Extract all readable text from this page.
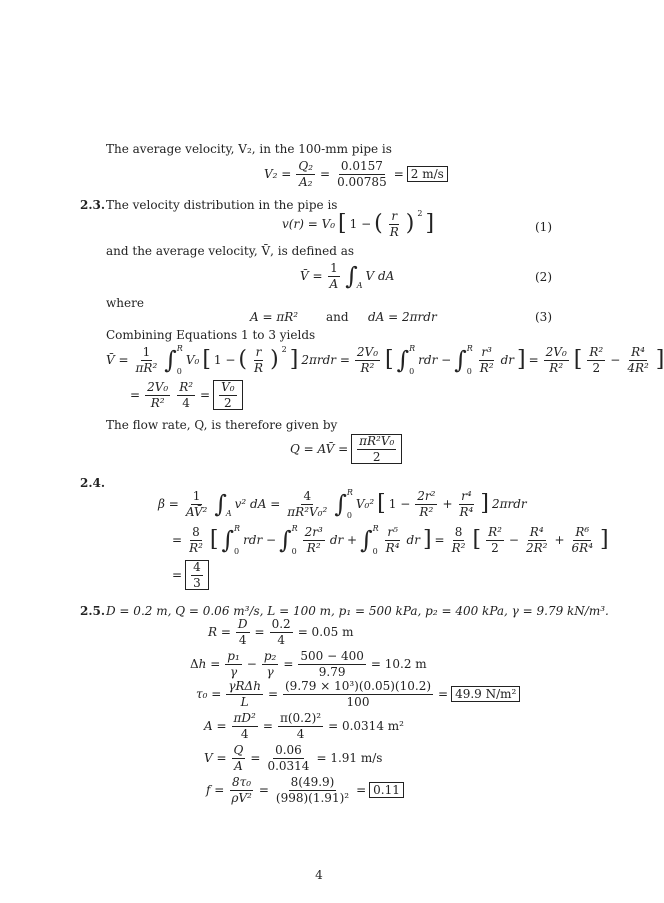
The average velocity, V₂, in the 100-mm pipe is
$V_2 = \frac{\text{Q₂}}{\text{A₂}} = \frac{0.0157}{0.00785} = 2$ m/s
2.3. The velocity distribution in the pipe is
v(r) = V₀ [ 1 − ( $\frac{r}{R}$ ) $^2$ ]	(1)
and the average velocity, V̄, is defined as
V̄ = $\frac{1}{A} \int_A$
V dA	(2)
where
A = πR² and dA = 2πrdr	(3)
Combining Equations 1 to 3 yields
V̄ = $\frac{1}{\text{πR²}}$ ∫ R
0
V₀ [ 1 − ( $\frac{r}{R}$ ) $^2$ ] $2\pi rdr = \frac{\text{2V₀}}{\text{R²}}$ [ ∫ R
0
rdr − ∫ R
$0 \frac{\text{r³}}{\text{R²}}$ dr ] = $\frac{\text{2V₀}}{\text{R²}}$ [ $\frac{\text{R²}}{2} - \frac{\text{R⁴}}{\text{4R²}}$ ]
= $\frac{\text{2V₀}}{\text{R²}} \frac{\text{R²}}{4} = \frac{\text{V₀}}{2}$
The flow rate, Q, is therefore given by
Q = AV̄ = $\frac{\text{πR²V₀}}{2}$
2.4.
$\beta = \frac{1}{\text{AV̄²}} \int_A$
v² dA = $\frac{4}{\text{πR²V₀²}}$ ∫ R
0
V₀² [ $1 - \frac{\text{2r²}}{\text{R²}} + \frac{\text{r⁴}}{\text{R⁴}}$ ] 2πrdr
= $\frac{8}{\text{R²}}$ [ ∫ R
0
rdr − ∫ R
$0 \frac{\text{2r³}}{\text{R²}}$ dr + ∫ R
$0 \frac{\text{r⁵}}{\text{R⁴}}$ dr ] = $\frac{8}{\text{R²}}$ [ $\frac{\text{R²}}{2} - \frac{\text{R⁴}}{\text{2R²}} + \frac{\text{R⁶}}{\text{6R⁴}}$ ]
= $\frac{4}{3}$
2.5. D = 0.2 m, Q = 0.06 m³/s, L = 100 m, p₁ = 500 kPa, p₂ = 400 kPa, γ = 9.79 kN/m³.
$R = \frac{D}{4} = \frac{0.2}{4} = 0.05$ m
$\Delta h = \frac{\text{p₁}}{\gamma} - \frac{\text{p₂}}{\gamma} = \frac{500 - 400}{9.79} = 10.2$ m
$\tau_0 = \frac{\text{γRΔh}}{L} = \frac{\text{(9.79 × 10³)(0.05)(10.2)}}{100} = 49.9$ N/m²
$A = \frac{\text{πD²}}{4} = \frac{\text{π(0.2)²}}{4} = 0.0314$ m²
$V = \frac{Q}{A} = \frac{0.06}{0.0314} = 1.91$ m/s
$f = \frac{\text{8τ₀}}{\text{ρV²}} = \frac{8(49.9)}{\text{(998)(1.91)²}} = 0.11$
4
